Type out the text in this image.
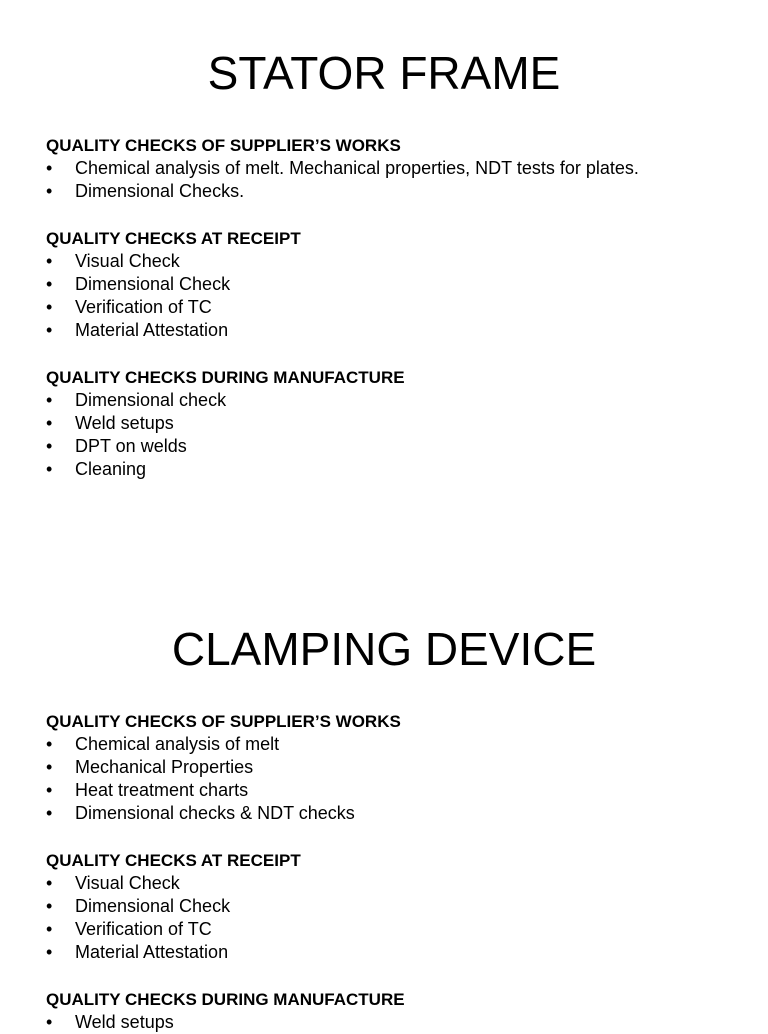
STATOR FRAME
QUALITY CHECKS OF SUPPLIER’S WORKS
•	Chemical analysis of melt. Mechanical properties, NDT tests for plates.
•	Dimensional Checks.
QUALITY CHECKS AT RECEIPT
•	Visual Check
•	Dimensional Check
•	Verification of TC
•	Material Attestation
QUALITY CHECKS DURING MANUFACTURE
•	Dimensional check
•	Weld setups
•	DPT on welds
•	Cleaning
CLAMPING DEVICE
QUALITY CHECKS OF SUPPLIER’S WORKS
•	Chemical analysis of melt
•	Mechanical Properties
•	Heat treatment charts
•	Dimensional checks & NDT checks
QUALITY CHECKS AT RECEIPT
•	Visual Check
•	Dimensional Check
•	Verification of TC
•	Material Attestation
QUALITY CHECKS DURING MANUFACTURE
•	Weld setups
